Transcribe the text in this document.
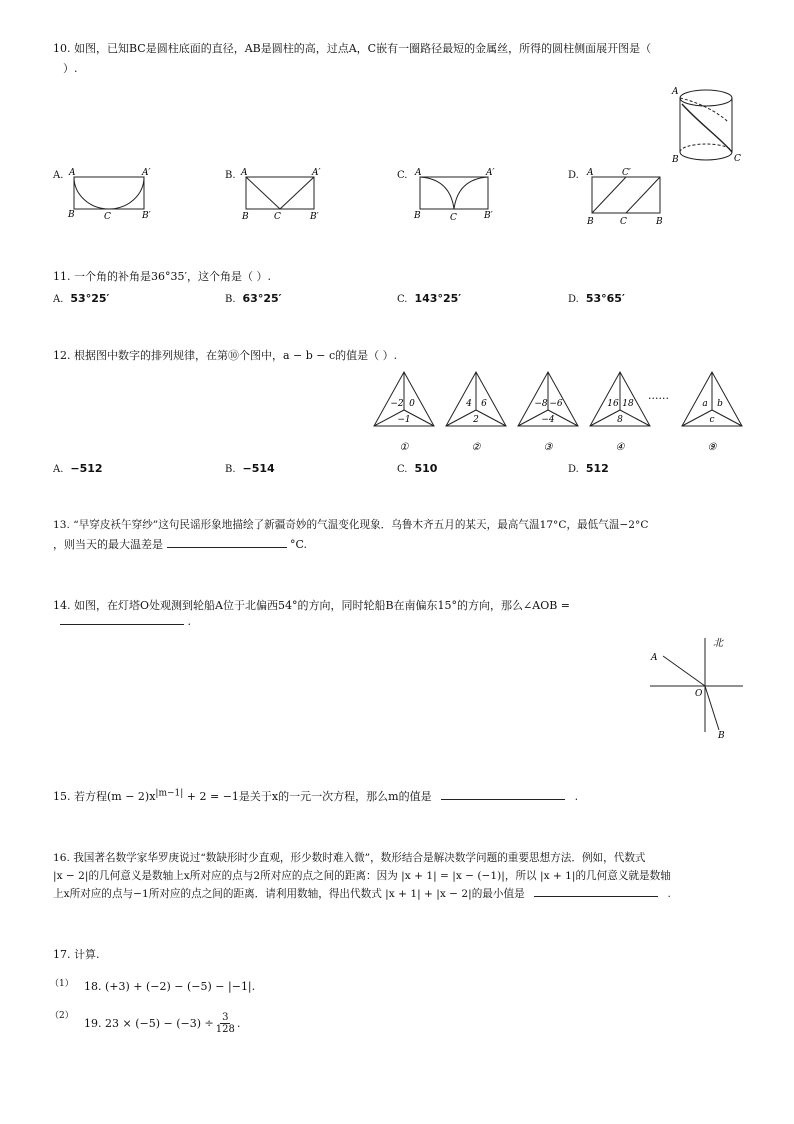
10. 如图，已知BC是圆柱底面的直径，AB是圆柱的高，过点A，C嵌有一圈路径最短的金属丝，所得的圆柱侧面展开图是（
）.
A
B	C
A. A	A′
B	C	B′
B. A	A′
B	C	B′
C. A	A′
B	C	B′
D. A	C′
B	C	B
11. 一个角的补角是36°35′，这个角是（ ）.
A. 53°25′	B. 63°25′	C. 143°25′	D. 53°65′
12. 根据图中数字的排列规律，在第⑩个图中，a − b − c的值是（ ）.
−2 0
−1
①
4 6
2
②
−8 −6
−4
③
16 18
8
④
a b
c
⑨
······
A. −512	B. −514	C. 510	D. 512
13. “早穿皮袄午穿纱”这句民谣形象地描绘了新疆奇妙的气温变化现象．乌鲁木齐五月的某天，最高气温17°C，最低气温−2°C
，则当天的最大温差是	°C.
14. 如图，在灯塔O处观测到轮船A位于北偏西54°的方向，同时轮船B在南偏东15°的方向，那么∠AOB =
.
北
A
O
B
15. 若方程$(m - 2)x^{|m-1|} + 2 = -1$是关于x的一元一次方程，那么m的值是	.
16. 我国著名数学家华罗庚说过“数缺形时少直观，形少数时难入微”，数形结合是解决数学问题的重要思想方法．例如，代数式
|x − 2|的几何意义是数轴上x所对应的点与2所对应的点之间的距离：因为 |x + 1| = |x − (−1)|，所以 |x + 1|的几何意义就是数轴
上x所对应的点与−1所对应的点之间的距离．请利用数轴，得出代数式 |x + 1| + |x − 2|的最小值是	.
17. 计算.
（1） 18. (+3) + (−2) − (−5) − |−1|.
（2）
19. $23 \times (-5) - (-3) \div \frac{3}{128}$ .
